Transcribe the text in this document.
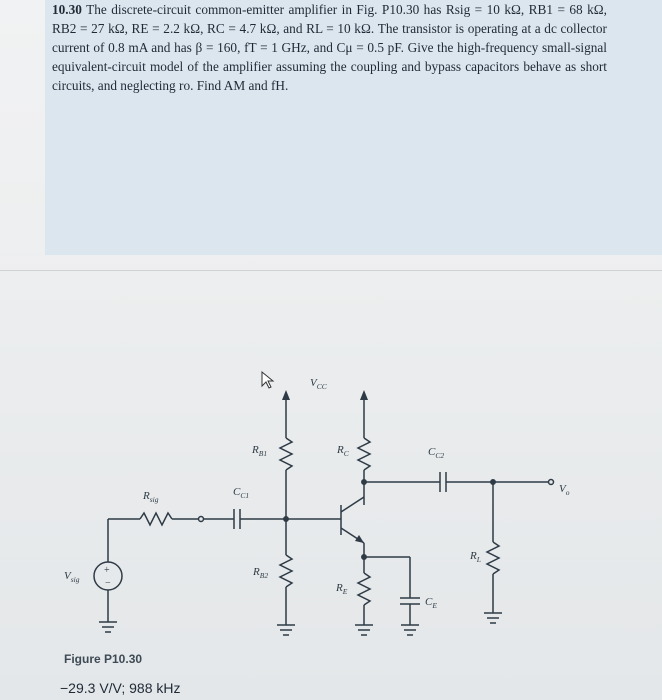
10.30 The discrete-circuit common-emitter amplifier in Fig. P10.30 has Rsig = 10 kΩ, RB1 = 68 kΩ, RB2 = 27 kΩ, RE = 2.2 kΩ, RC = 4.7 kΩ, and RL = 10 kΩ. The transistor is operating at a dc collector current of 0.8 mA and has β = 160, fT = 1 GHz, and Cμ = 0.5 pF. Give the high-frequency small-signal equivalent-circuit model of the amplifier assuming the coupling and bypass capacitors behave as short circuits, and neglecting ro. Find AM and fH.
+
−
$V_{CC}$
$R_{B1}$	$R_C$	$C_{C2}$
$V_o$
$R_{sig}$
$C_{C1}$
$V_{sig}$
$R_{B2}$
$R_E$
$C_E$
$R_L$
Figure P10.30
−29.3 V/V; 988 kHz
